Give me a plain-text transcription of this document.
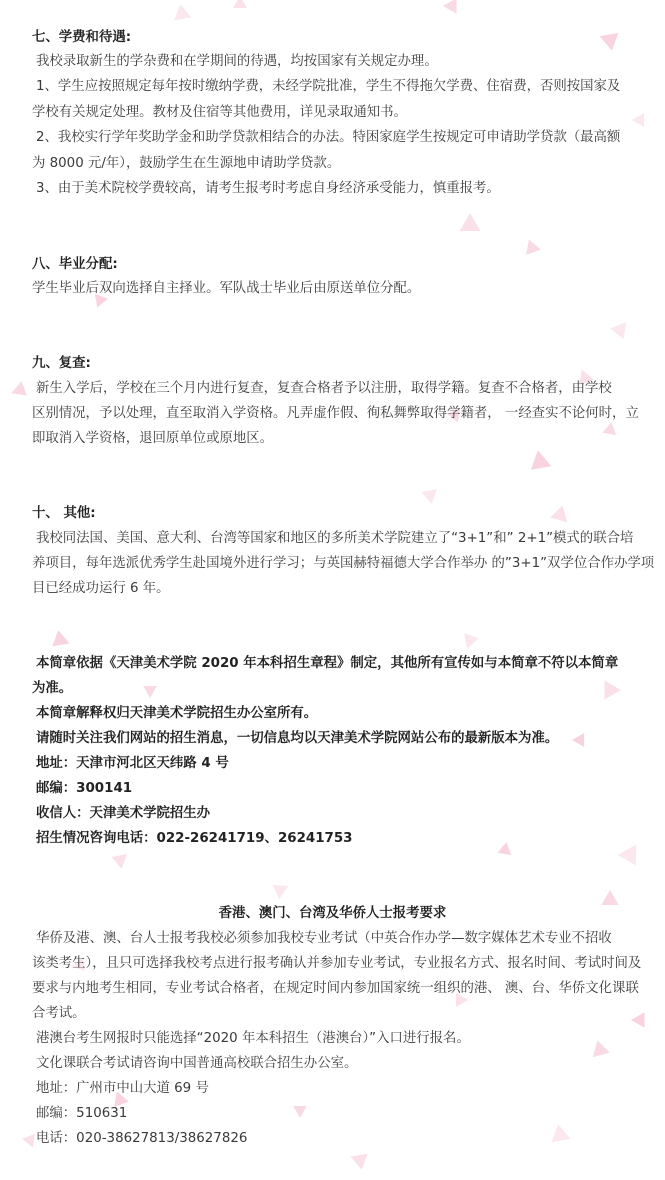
七、学费和待遇:
我校录取新生的学杂费和在学期间的待遇，均按国家有关规定办理。
1、学生应按照规定每年按时缴纳学费，未经学院批准，学生不得拖欠学费、住宿费，否则按国家及
学校有关规定处理。教材及住宿等其他费用，详见录取通知书。
2、我校实行学年奖助学金和助学贷款相结合的办法。特困家庭学生按规定可申请助学贷款（最高额
为 8000 元/年），鼓励学生在生源地申请助学贷款。
3、由于美术院校学费较高，请考生报考时考虑自身经济承受能力，慎重报考。
八、毕业分配:
学生毕业后双向选择自主择业。军队战士毕业后由原送单位分配。
九、复查:
新生入学后，学校在三个月内进行复查，复查合格者予以注册，取得学籍。复查不合格者，由学校
区别情况，予以处理，直至取消入学资格。凡弄虚作假、徇私舞弊取得学籍者， 一经查实不论何时，立
即取消入学资格，退回原单位或原地区。
十、 其他:
我校同法国、美国、意大利、台湾等国家和地区的多所美术学院建立了“3+1”和” 2+1”模式的联合培
养项目，每年选派优秀学生赴国境外进行学习；与英国赫特福德大学合作举办 的”3+1”双学位合作办学项
目已经成功运行 6 年。
本简章依据《天津美术学院 2020 年本科招生章程》制定，其他所有宣传如与本简章不符以本简章
为准。
本简章解释权归天津美术学院招生办公室所有。
请随时关注我们网站的招生消息，一切信息均以天津美术学院网站公布的最新版本为准。
地址：天津市河北区天纬路 4 号
邮编：300141
收信人：天津美术学院招生办
招生情况咨询电话：022-26241719、26241753
香港、澳门、台湾及华侨人士报考要求
华侨及港、澳、台人士报考我校必须参加我校专业考试（中英合作办学—数字媒体艺术专业不招收
该类考生），且只可选择我校考点进行报考确认并参加专业考试，专业报名方式、报名时间、考试时间及
要求与内地考生相同，专业考试合格者，在规定时间内参加国家统一组织的港、 澳、台、华侨文化课联
合考试。
港澳台考生网报时只能选择“2020 年本科招生（港澳台）”入口进行报名。
文化课联合考试请咨询中国普通高校联合招生办公室。
地址：广州市中山大道 69 号
邮编：510631
电话：020-38627813/38627826
